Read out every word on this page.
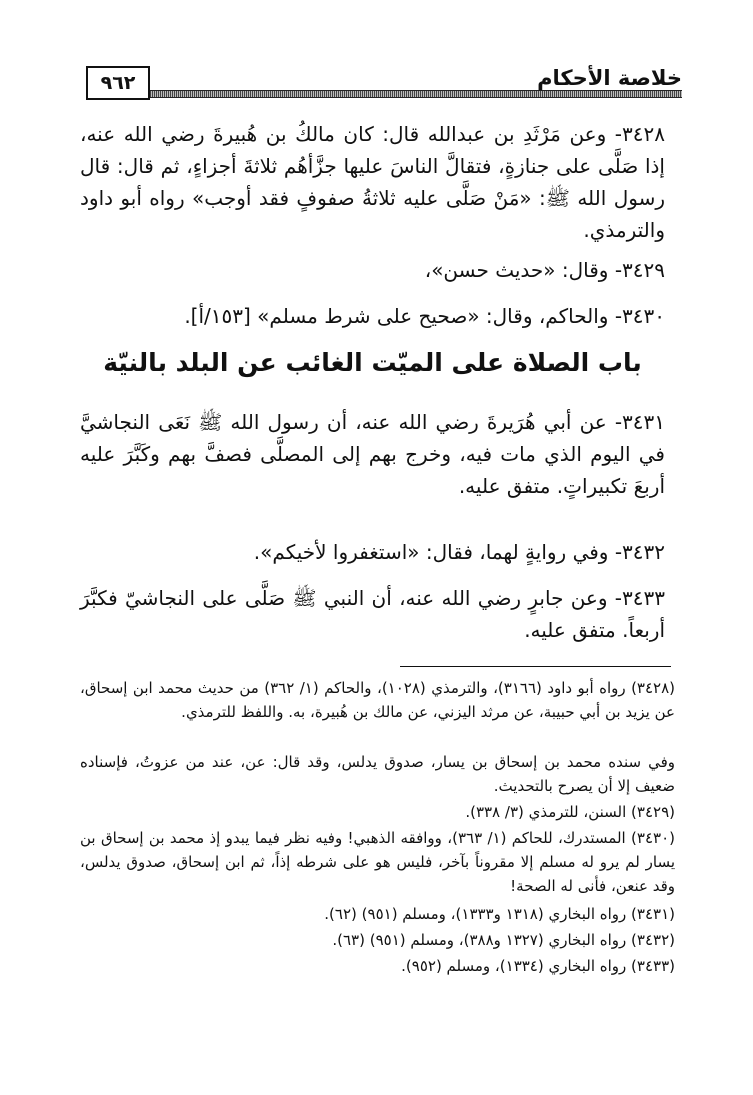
٩٦٢	خلاصة الأحكام
٣٤٢٨- وعن مَرْثَدِ بن عبدالله قال: كان مالكُ بن هُبيرةَ رضي الله عنه، إذا صَلَّى على جنازةٍ، فتقالَّ الناسَ عليها جزَّأهُم ثلاثةَ أجزاءٍ، ثم قال: قال رسول الله ﷺ: «مَنْ صَلَّى عليه ثلاثةُ صفوفٍ فقد أوجب» رواه أبو داود والترمذي.
٣٤٢٩- وقال: «حديث حسن»،
٣٤٣٠- والحاكم، وقال: «صحيح على شرط مسلم» [١٥٣/أ].
باب الصلاة على الميّت الغائب عن البلد بالنيّة
٣٤٣١- عن أبي هُرَيرةَ رضي الله عنه، أن رسول الله ﷺ نَعَى النجاشيَّ في اليوم الذي مات فيه، وخرج بهم إلى المصلَّى فصفَّ بهم وكَبَّرَ عليه أربعَ تكبيراتٍ. متفق عليه.
٣٤٣٢- وفي روايةٍ لهما، فقال: «استغفروا لأخيكم».
٣٤٣٣- وعن جابرٍ رضي الله عنه، أن النبي ﷺ صَلَّى على النجاشيّ فكبَّرَ أربعاً. متفق عليه.
(٣٤٢٨) رواه أبو داود (٣١٦٦)، والترمذي (١٠٢٨)، والحاكم (١/ ٣٦٢) من حديث محمد ابن إسحاق، عن يزيد بن أبي حبيبة، عن مرثد اليزني، عن مالك بن هُبيرة، به. واللفظ للترمذي.
وفي سنده محمد بن إسحاق بن يسار، صدوق يدلس، وقد قال: عن، عند من عزوتُ، فإسناده ضعيف إلا أن يصرح بالتحديث.
(٣٤٢٩) السنن، للترمذي (٣/ ٣٣٨).
(٣٤٣٠) المستدرك، للحاكم (١/ ٣٦٣)، ووافقه الذهبي! وفيه نظر فيما يبدو إذ محمد بن إسحاق بن يسار لم يرو له مسلم إلا مقروناً بآخر، فليس هو على شرطه إذاً، ثم ابن إسحاق، صدوق يدلس، وقد عنعن، فأنى له الصحة!
(٣٤٣١) رواه البخاري (١٣١٨ و١٣٣٣)، ومسلم (٩٥١) (٦٢).
(٣٤٣٢) رواه البخاري (١٣٢٧ و٣٨٨)، ومسلم (٩٥١) (٦٣).
(٣٤٣٣) رواه البخاري (١٣٣٤)، ومسلم (٩٥٢).
